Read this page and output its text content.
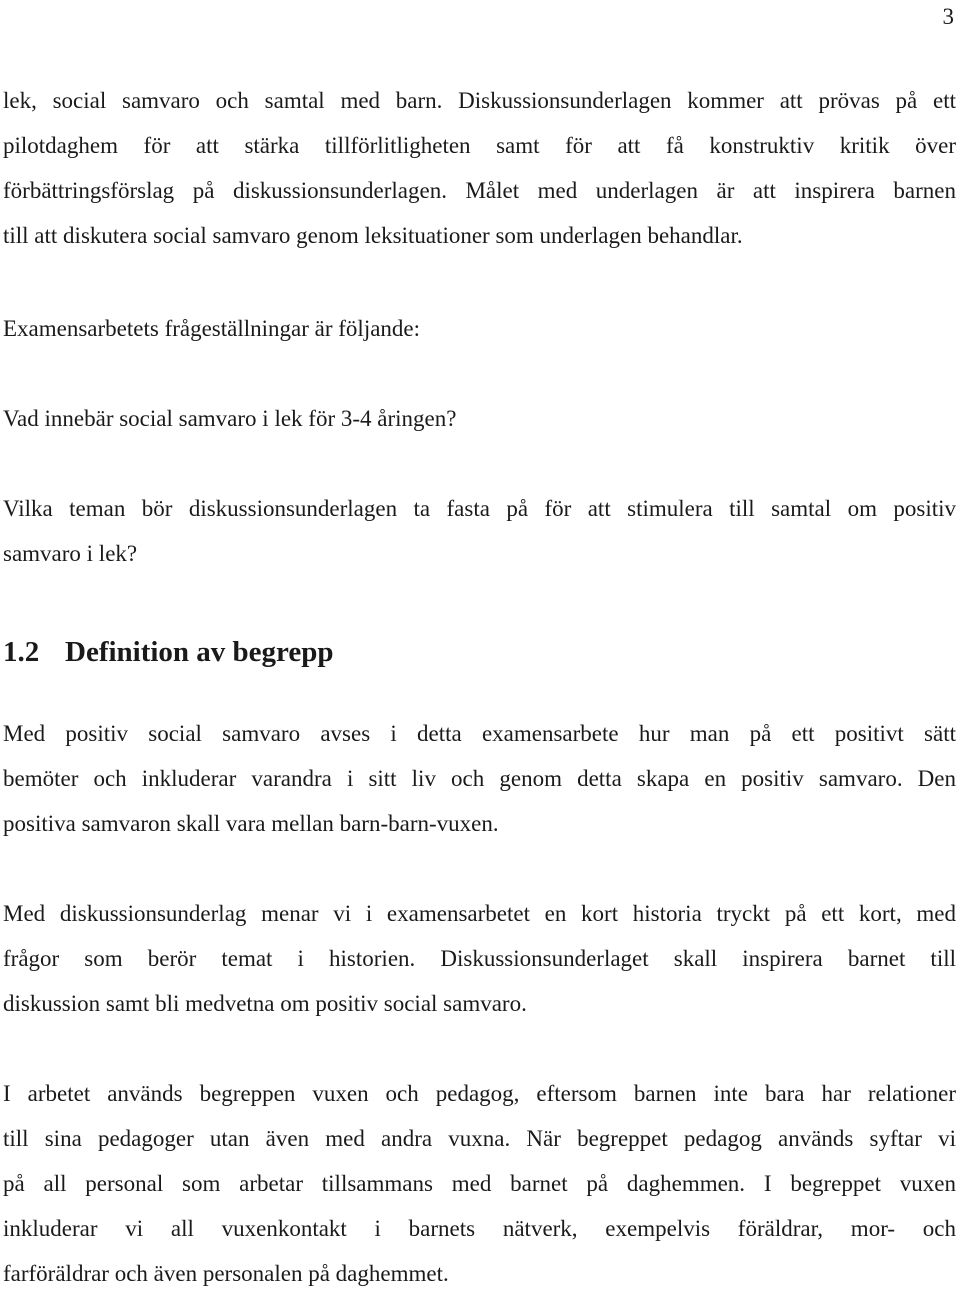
3

lek, social samvaro och samtal med barn. Diskussionsunderlagen kommer att prövas på ett
pilotdaghem för att stärka tillförlitligheten samt för att få konstruktiv kritik över
förbättringsförslag på diskussionsunderlagen. Målet med underlagen är att inspirera barnen
till att diskutera social samvaro genom leksituationer som underlagen behandlar.

Examensarbetets frågeställningar är följande:

Vad innebär social samvaro i lek för 3-4 åringen?

Vilka teman bör diskussionsunderlagen ta fasta på för att stimulera till samtal om positiv
samvaro i lek?

1.2 Definition av begrepp

Med positiv social samvaro avses i detta examensarbete hur man på ett positivt sätt
bemöter och inkluderar varandra i sitt liv och genom detta skapa en positiv samvaro. Den
positiva samvaron skall vara mellan barn-barn-vuxen.

Med diskussionsunderlag menar vi i examensarbetet en kort historia tryckt på ett kort, med
frågor som berör temat i historien. Diskussionsunderlaget skall inspirera barnet till
diskussion samt bli medvetna om positiv social samvaro.

I arbetet används begreppen vuxen och pedagog, eftersom barnen inte bara har relationer
till sina pedagoger utan även med andra vuxna. När begreppet pedagog används syftar vi
på all personal som arbetar tillsammans med barnet på daghemmen. I begreppet vuxen
inkluderar vi all vuxenkontakt i barnets nätverk, exempelvis föräldrar, mor- och
farföräldrar och även personalen på daghemmet.
